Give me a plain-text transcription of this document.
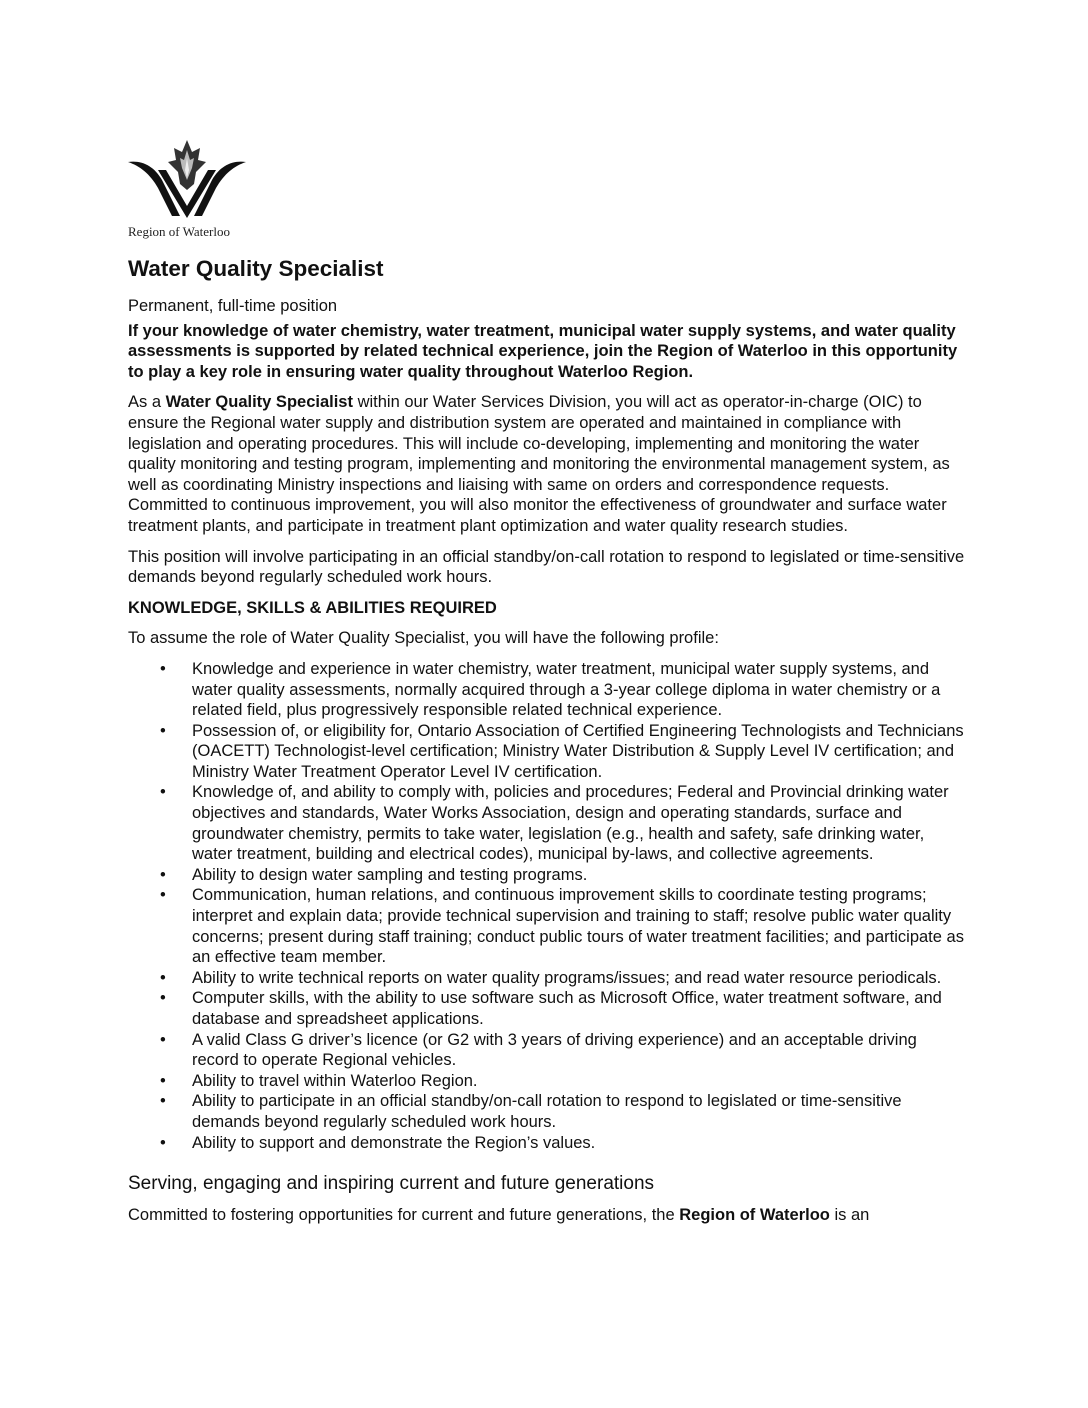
Region of Waterloo
Water Quality Specialist
Permanent, full-time position
If your knowledge of water chemistry, water treatment, municipal water supply systems, and water quality assessments is supported by related technical experience, join the Region of Waterloo in this opportunity to play a key role in ensuring water quality throughout Waterloo Region.

As a Water Quality Specialist within our Water Services Division, you will act as operator-in-charge (OIC) to ensure the Regional water supply and distribution system are operated and maintained in compliance with legislation and operating procedures. This will include co-developing, implementing and monitoring the water quality monitoring and testing program, implementing and monitoring the environmental management system, as well as coordinating Ministry inspections and liaising with same on orders and correspondence requests. Committed to continuous improvement, you will also monitor the effectiveness of groundwater and surface water treatment plants, and participate in treatment plant optimization and water quality research studies.

This position will involve participating in an official standby/on-call rotation to respond to legislated or time-sensitive demands beyond regularly scheduled work hours.

KNOWLEDGE, SKILLS & ABILITIES REQUIRED

To assume the role of Water Quality Specialist, you will have the following profile:

• Knowledge and experience in water chemistry, water treatment, municipal water supply systems, and water quality assessments, normally acquired through a 3-year college diploma in water chemistry or a related field, plus progressively responsible related technical experience.
• Possession of, or eligibility for, Ontario Association of Certified Engineering Technologists and Technicians (OACETT) Technologist-level certification; Ministry Water Distribution & Supply Level IV certification; and Ministry Water Treatment Operator Level IV certification.
• Knowledge of, and ability to comply with, policies and procedures; Federal and Provincial drinking water objectives and standards, Water Works Association, design and operating standards, surface and groundwater chemistry, permits to take water, legislation (e.g., health and safety, safe drinking water, water treatment, building and electrical codes), municipal by-laws, and collective agreements.
• Ability to design water sampling and testing programs.
• Communication, human relations, and continuous improvement skills to coordinate testing programs; interpret and explain data; provide technical supervision and training to staff; resolve public water quality concerns; present during staff training; conduct public tours of water treatment facilities; and participate as an effective team member.
• Ability to write technical reports on water quality programs/issues; and read water resource periodicals.
• Computer skills, with the ability to use software such as Microsoft Office, water treatment software, and database and spreadsheet applications.
• A valid Class G driver’s licence (or G2 with 3 years of driving experience) and an acceptable driving record to operate Regional vehicles.
• Ability to travel within Waterloo Region.
• Ability to participate in an official standby/on-call rotation to respond to legislated or time-sensitive demands beyond regularly scheduled work hours.
• Ability to support and demonstrate the Region’s values.
Serving, engaging and inspiring current and future generations

Committed to fostering opportunities for current and future generations, the Region of Waterloo is an
